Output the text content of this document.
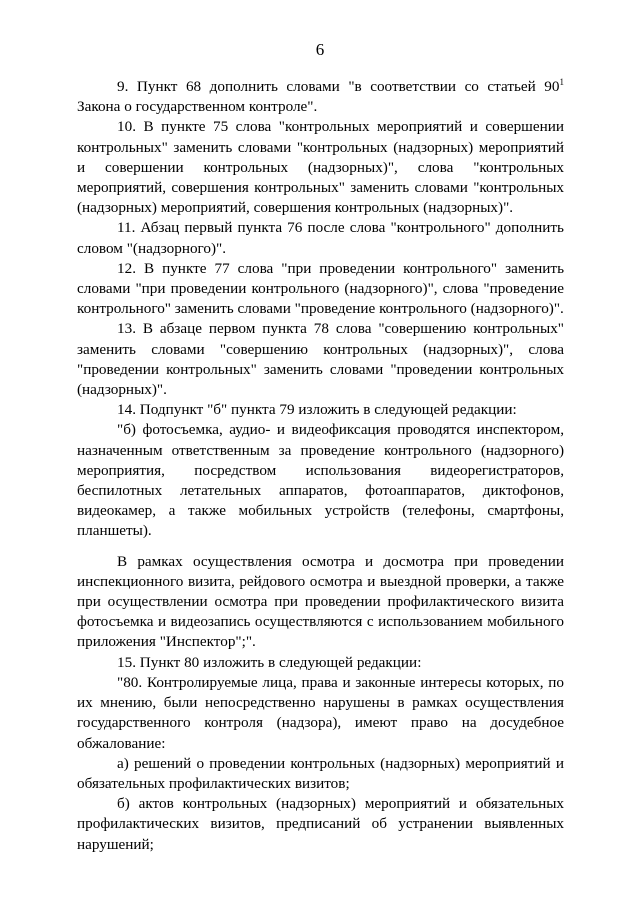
6

9. Пункт 68 дополнить словами "в соответствии со статьей $90^1$ Закона о государственном контроле".

10. В пункте 75 слова "контрольных мероприятий и совершении контрольных" заменить словами "контрольных (надзорных) мероприятий и совершении контрольных (надзорных)", слова "контрольных мероприятий, совершения контрольных" заменить словами "контрольных (надзорных) мероприятий, совершения контрольных (надзорных)".

11. Абзац первый пункта 76 после слова "контрольного" дополнить словом "(надзорного)".

12. В пункте 77 слова "при проведении контрольного" заменить словами "при проведении контрольного (надзорного)", слова "проведение контрольного" заменить словами "проведение контрольного (надзорного)".

13. В абзаце первом пункта 78 слова "совершению контрольных" заменить словами "совершению контрольных (надзорных)", слова "проведении контрольных" заменить словами "проведении контрольных (надзорных)".

14. Подпункт "б" пункта 79 изложить в следующей редакции:

"б) фотосъемка, аудио- и видеофиксация проводятся инспектором, назначенным ответственным за проведение контрольного (надзорного) мероприятия, посредством использования видеорегистраторов, беспилотных летательных аппаратов, фотоаппаратов, диктофонов, видеокамер, а также мобильных устройств (телефоны, смартфоны, планшеты).

В рамках осуществления осмотра и досмотра при проведении инспекционного визита, рейдового осмотра и выездной проверки, а также при осуществлении осмотра при проведении профилактического визита фотосъемка и видеозапись осуществляются с использованием мобильного приложения "Инспектор";".

15. Пункт 80 изложить в следующей редакции:

"80. Контролируемые лица, права и законные интересы которых, по их мнению, были непосредственно нарушены в рамках осуществления государственного контроля (надзора), имеют право на досудебное обжалование:

а) решений о проведении контрольных (надзорных) мероприятий и обязательных профилактических визитов;

б) актов контрольных (надзорных) мероприятий и обязательных профилактических визитов, предписаний об устранении выявленных нарушений;
